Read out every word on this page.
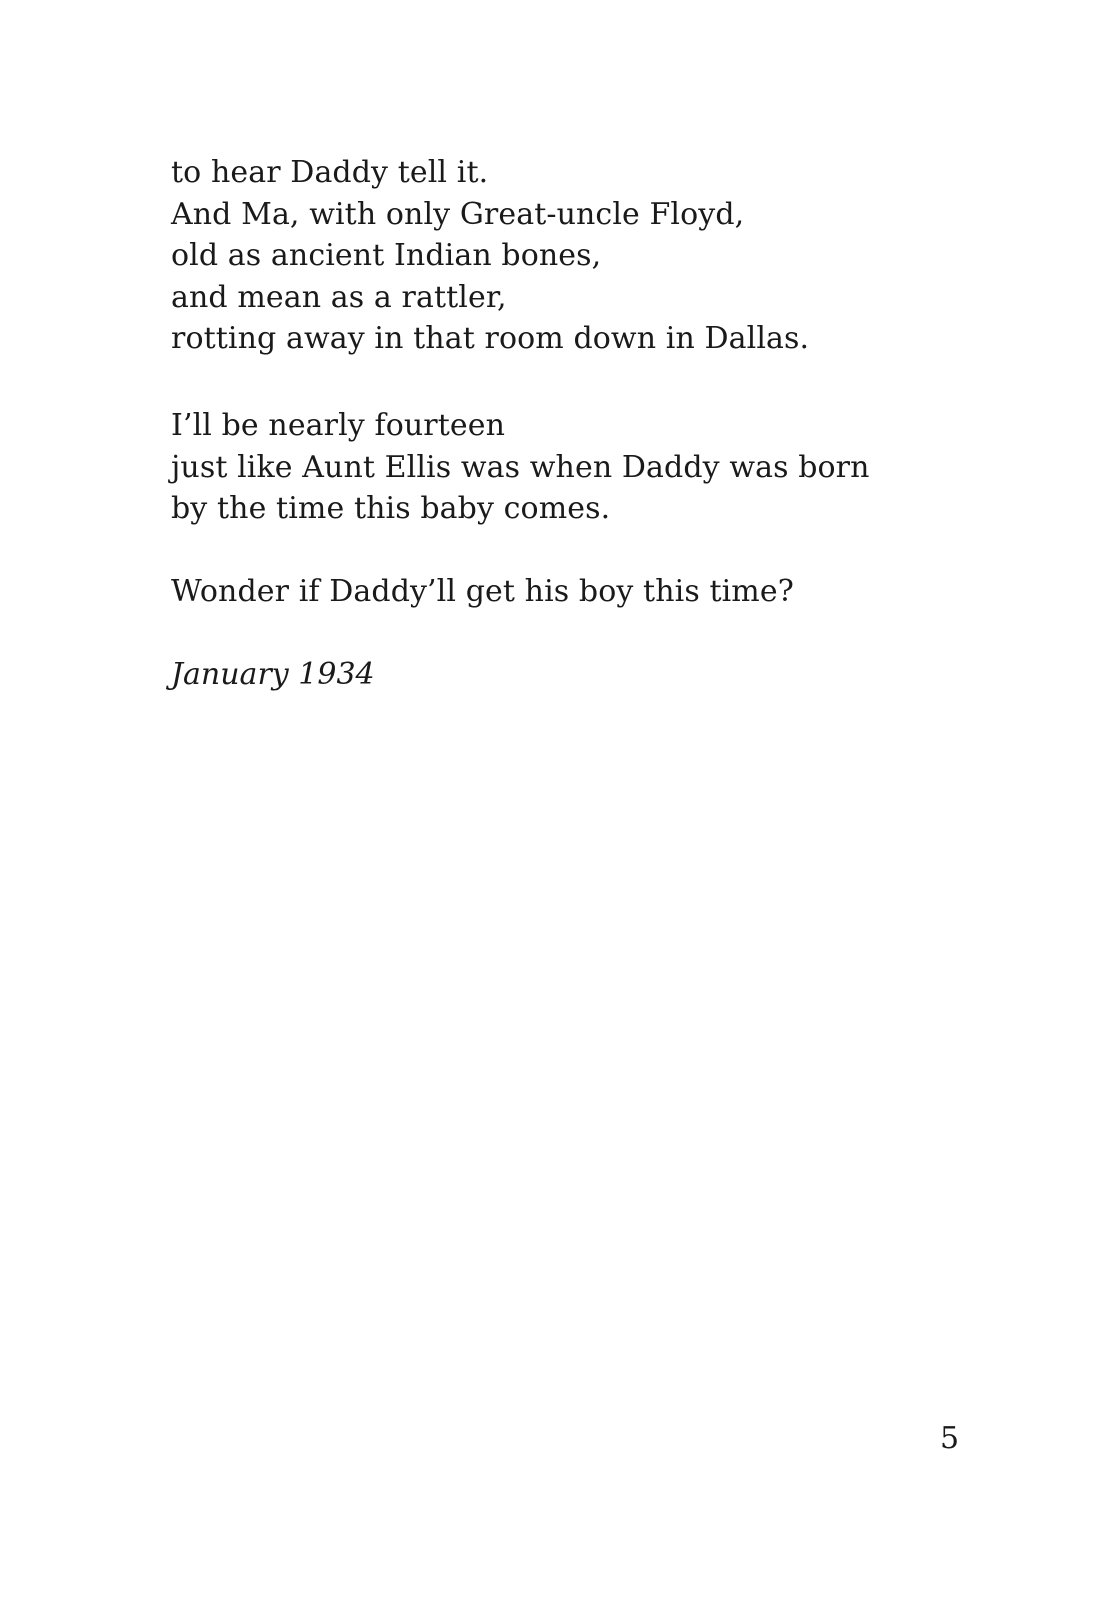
to hear Daddy tell it.
And Ma, with only Great-uncle Floyd,
old as ancient Indian bones,
and mean as a rattler,
rotting away in that room down in Dallas.

I’ll be nearly fourteen
just like Aunt Ellis was when Daddy was born
by the time this baby comes.

Wonder if Daddy’ll get his boy this time?

January 1934
5
